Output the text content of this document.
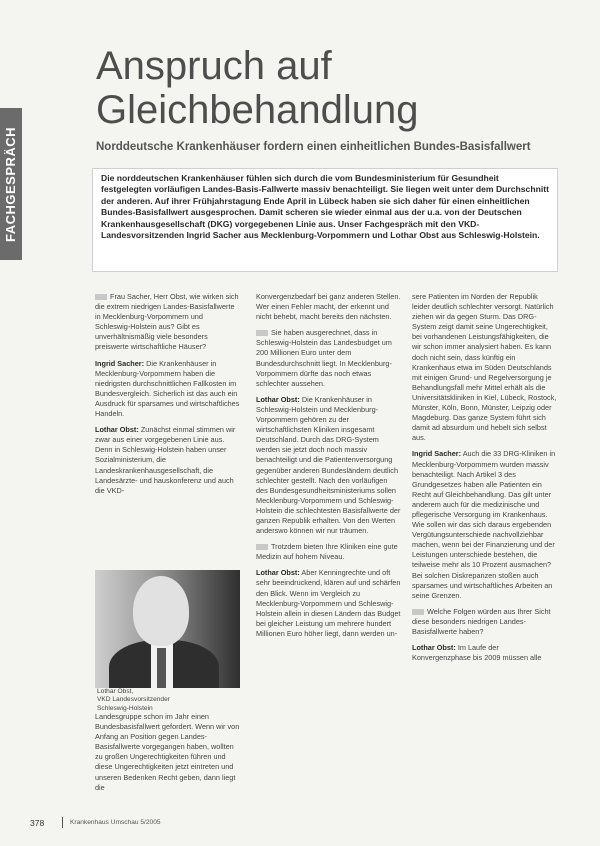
FACHGESPRÄCH
Anspruch auf Gleichbehandlung
Norddeutsche Krankenhäuser fordern einen einheitlichen Bundes-Basisfallwert
Die norddeutschen Krankenhäuser fühlen sich durch die vom Bundesministerium für Gesundheit festgelegten vorläufigen Landes-Basis-Fallwerte massiv benachteiligt. Sie liegen weit unter dem Durchschnitt der anderen. Auf ihrer Frühjahrstagung Ende April in Lübeck haben sie sich daher für einen einheitlichen Bundes-Basisfallwert ausgesprochen. Damit scheren sie wieder einmal aus der u.a. von der Deutschen Krankenhausgesellschaft (DKG) vorgegebenen Linie aus. Unser Fachgespräch mit den VKD-Landesvorsitzenden Ingrid Sacher aus Mecklenburg-Vorpommern und Lothar Obst aus Schleswig-Holstein.

Frau Sacher, Herr Obst, wie wirken sich die extrem niedrigen Landes-Basisfallwerte in Mecklenburg-Vorpommern und Schleswig-Holstein aus? Gibt es unverhältnismäßig viele besonders preiswerte wirtschaftliche Häuser?

Ingrid Sacher: Die Krankenhäuser in Mecklenburg-Vorpommern haben die niedrigsten durchschnittlichen Fallkosten im Bundesvergleich. Sicherlich ist das auch ein Ausdruck für sparsames und wirtschaftliches Handeln.

Lothar Obst: Zunächst einmal stimmen wir zwar aus einer vorgegebenen Linie aus. Denn in Schleswig-Holstein haben unser Sozialministerium, die Landeskrankenhausgesellschaft, die Landesärzte- und hauskonferenz und auch die VKD-

Landesgruppe schon im Jahr einen Bundesbasisfallwert gefordert. Wenn wir von Anfang an Position gegen Landes-Basisfallwerte vorgegangen haben, wollten zu großen Ungerechtigkeiten führen und diese Ungerechtigkeiten jetzt eintreten und unseren Bedenken Recht geben, dann liegt die

Lothar Obst,
VKD Landesvorsitzender
Schleswig-Holstein

Konvergenzbedarf bei ganz anderen Stellen. Wer einen Fehler macht, der erkennt und nicht behebt, macht bereits den nächsten.

Sie haben ausgerechnet, dass in Schleswig-Holstein das Landesbudget um 200 Millionen Euro unter dem Bundesdurchschnitt liegt. In Mecklenburg-Vorpommern dürfte das noch etwas schlechter aussehen.

Lothar Obst: Die Krankenhäuser in Schleswig-Holstein und Mecklenburg-Vorpommern gehören zu der wirtschaftlichsten Kliniken insgesamt Deutschland. Durch das DRG-System werden sie jetzt doch noch massiv benachteiligt und die Patientenversorgung gegenüber anderen Bundesländern deutlich schlechter gestellt. Nach den vorläufigen des Bundesgesundheitsministeriums sollen Mecklenburg-Vorpommern und Schleswig-Holstein die schlechtesten Basisfallwerte der ganzen Republik erhalten. Von den Werten anderswo können wir nur träumen.

Trotzdem bieten Ihre Kliniken eine gute Medizin auf hohem Niveau.

Lothar Obst: Aber Kenningrechte und oft sehr beeindruckend, klären auf und schärfen den Blick. Wenn im Vergleich zu Mecklenburg-Vorpommern und Schleswig-Holstein allein in diesen Ländern das Budget bei gleicher Leistung um mehrere hundert Millionen Euro höher liegt, dann werden un-

sere Patienten im Norden der Republik leider deutlich schlechter versorgt. Natürlich ziehen wir da gegen Sturm. Das DRG-System zeigt damit seine Ungerechtigkeit, bei vorhandenen Leistungsfähigkeiten, die wir schon immer analysiert haben. Es kann doch nicht sein, dass künftig ein Krankenhaus etwa im Süden Deutschlands mit einigen Grund- und Regelversorgung je Behandlungsfall mehr Mittel erhält als die Universitätskliniken in Kiel, Lübeck, Rostock, Münster, Köln, Bonn, Münster, Leipzig oder Magdeburg. Das ganze System führt sich damit ad absurdum und hebelt sich selbst aus.

Ingrid Sacher: Auch die 33 DRG-Kliniken in Mecklenburg-Vorpommern wurden massiv benachteiligt. Nach Artikel 3 des Grundgesetzes haben alle Patienten ein Recht auf Gleichbehandlung. Das gilt unter anderem auch für die medizinische und pflegerische Versorgung im Krankenhaus. Wie sollen wir das sich daraus ergebenden Vergütungsunterschiede nachvollziehbar machen, wenn bei der Finanzierung und der Leistungen unterschiede bestehen, die teilweise mehr als 10 Prozent ausmachen? Bei solchen Diskrepanzen stoßen auch sparsames und wirtschaftliches Arbeiten an seine Grenzen.

Welche Folgen würden aus Ihrer Sicht diese besonders niedrigen Landes-Basisfallwerte haben?

Lothar Obst: Im Laufe der Konvergenzphase bis 2009 müssen alle

378	Krankenhaus Umschau 5/2005
